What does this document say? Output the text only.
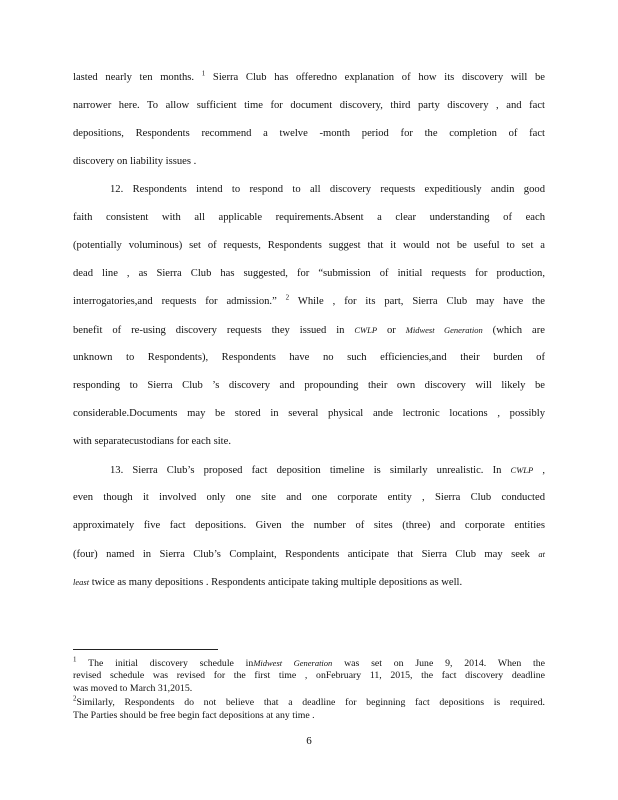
lasted nearly ten months. $^1$ Sierra Club has offeredno explanation of how its discovery will be
narrower here. To allow sufficient time for document discovery, third party discovery , and fact
depositions, Respondents recommend a twelve -month period for the completion of fact
discovery on liability issues .
12. Respondents intend to respond to all discovery requests expeditiously andin good
faith consistent with all applicable requirements.Absent a clear understanding of each
(potentially voluminous) set of requests, Respondents suggest that it would not be useful to set a
dead line , as Sierra Club has suggested, for “submission of initial requests for production,
interrogatories,and requests for admission.” $^2$ While , for its part, Sierra Club may have the
benefit of re-using discovery requests they issued in CWLP or Midwest Generation (which are
unknown to Respondents), Respondents have no such efficiencies,and their burden of
responding to Sierra Club ’s discovery and propounding their own discovery will likely be
considerable.Documents may be stored in several physical ande lectronic locations , possibly
with separatecustodians for each site.
13. Sierra Club’s proposed fact deposition timeline is similarly unrealistic. In CWLP ,
even though it involved only one site and one corporate entity , Sierra Club conducted
approximately five fact depositions. Given the number of sites (three) and corporate entities
(four) named in Sierra Club’s Complaint, Respondents anticipate that Sierra Club may seek at
least twice as many depositions . Respondents anticipate taking multiple depositions as well.
$^1$ The initial discovery schedule inMidwest Generation was set on June 9, 2014. When the
revised schedule was revised for the first time , onFebruary 11, 2015, the fact discovery deadline
was moved to March 31,2015.
$^2$Similarly, Respondents do not believe that a deadline for beginning fact depositions is required.
The Parties should be free begin fact depositions at any time .
6
